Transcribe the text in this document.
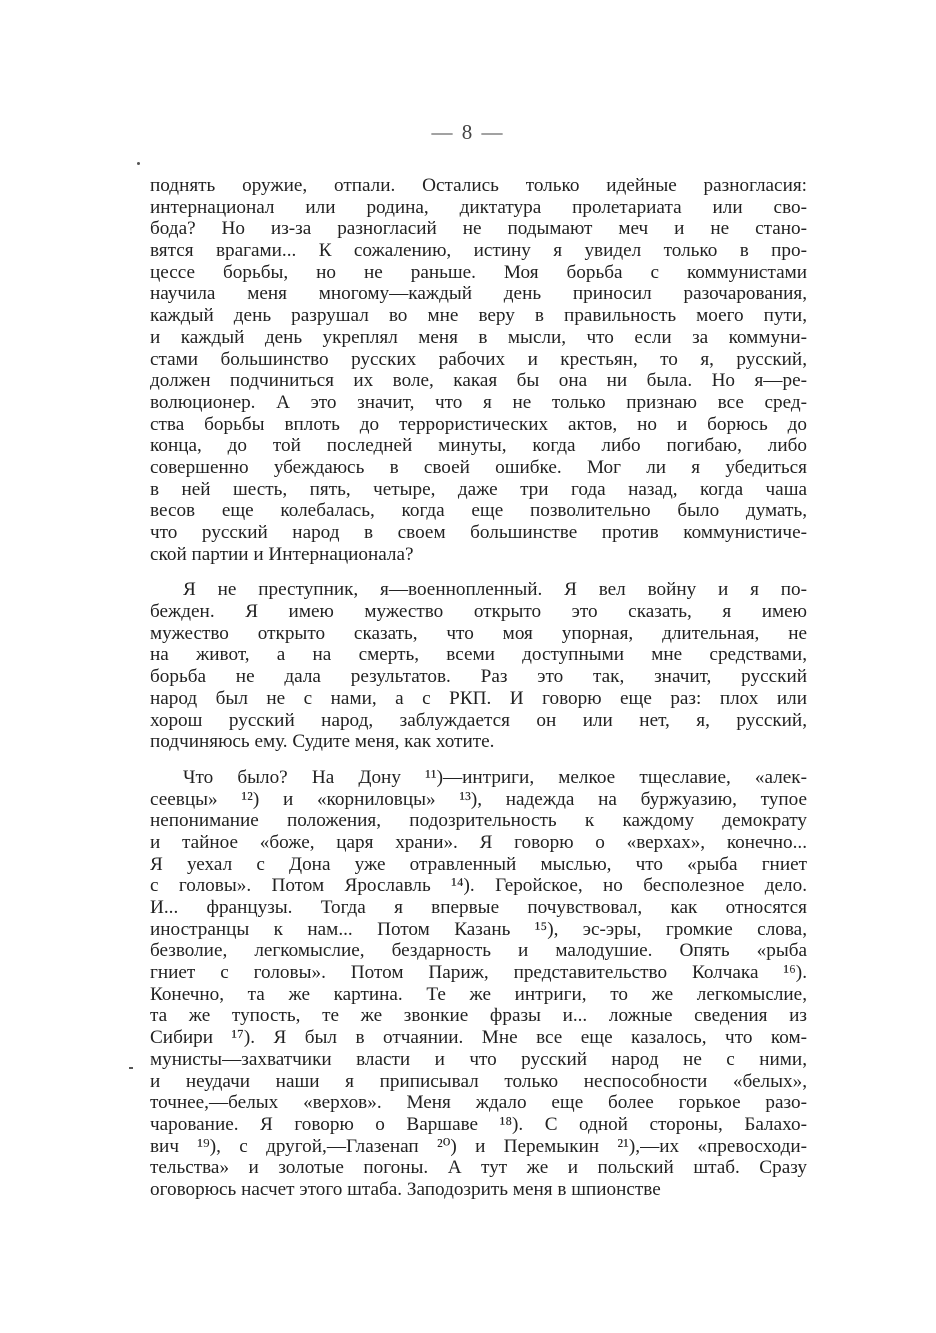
— 8 —

поднять оружие, отпали. Остались только идейные разногласия:
интернационал или родина, диктатура пролетариата или сво-
бода? Но из-за разногласий не подымают меч и не стано-
вятся врагами... К сожалению, истину я увидел только в про-
цессе борьбы, но не раньше. Моя борьба с коммунистами
научила меня многому—каждый день приносил разочарования,
каждый день разрушал во мне веру в правильность моего пути,
и каждый день укреплял меня в мысли, что если за коммуни-
стами большинство русских рабочих и крестьян, то я, русский,
должен подчиниться их воле, какая бы она ни была. Но я—ре-
волюционер. А это значит, что я не только признаю все сред-
ства борьбы вплоть до террористических актов, но и борюсь до
конца, до той последней минуты, когда либо погибаю, либо
совершенно убеждаюсь в своей ошибке. Мог ли я убедиться
в ней шесть, пять, четыре, даже три года назад, когда чаша
весов еще колебалась, когда еще позволительно было думать,
что русский народ в своем большинстве против коммунистиче-
ской партии и Интернационала?

Я не преступник, я—военнопленный. Я вел войну и я по-
бежден. Я имею мужество открыто это сказать, я имею
мужество открыто сказать, что моя упорная, длительная, не
на живот, а на смерть, всеми доступными мне средствами,
борьба не дала результатов. Раз это так, значит, русский
народ был не с нами, а с РКП. И говорю еще раз: плох или
хорош русский народ, заблуждается он или нет, я, русский,
подчиняюсь ему. Судите меня, как хотите.

Что было? На Дону ¹¹)—интриги, мелкое тщеславие, «алек-
сеевцы» ¹²) и «корниловцы» ¹³), надежда на буржуазию, тупое
непонимание положения, подозрительность к каждому демократу
и тайное «боже, царя храни». Я говорю о «верхах», конечно...
Я уехал с Дона уже отравленный мыслью, что «рыба гниет
с головы». Потом Ярославль ¹⁴). Геройское, но бесполезное дело.
И... французы. Тогда я впервые почувствовал, как относятся
иностранцы к нам... Потом Казань ¹⁵), эс-эры, громкие слова,
безволие, легкомыслие, бездарность и малодушие. Опять «рыба
гниет с головы». Потом Париж, представительство Колчака ¹⁶).
Конечно, та же картина. Те же интриги, то же легкомыслие,
та же тупость, те же звонкие фразы и... ложные сведения из
Сибири ¹⁷). Я был в отчаянии. Мне все еще казалось, что ком-
мунисты—захватчики власти и что русский народ не с ними,
и неудачи наши я приписывал только неспособности «белых»,
точнее,—белых «верхов». Меня ждало еще более горькое разо-
чарование. Я говорю о Варшаве ¹⁸). С одной стороны, Балахо-
вич ¹⁹), с другой,—Глазенап ²⁰) и Перемыкин ²¹),—их «превосходи-
тельства» и золотые погоны. А тут же и польский штаб. Сразу
оговорюсь насчет этого штаба. Заподозрить меня в шпионстве
